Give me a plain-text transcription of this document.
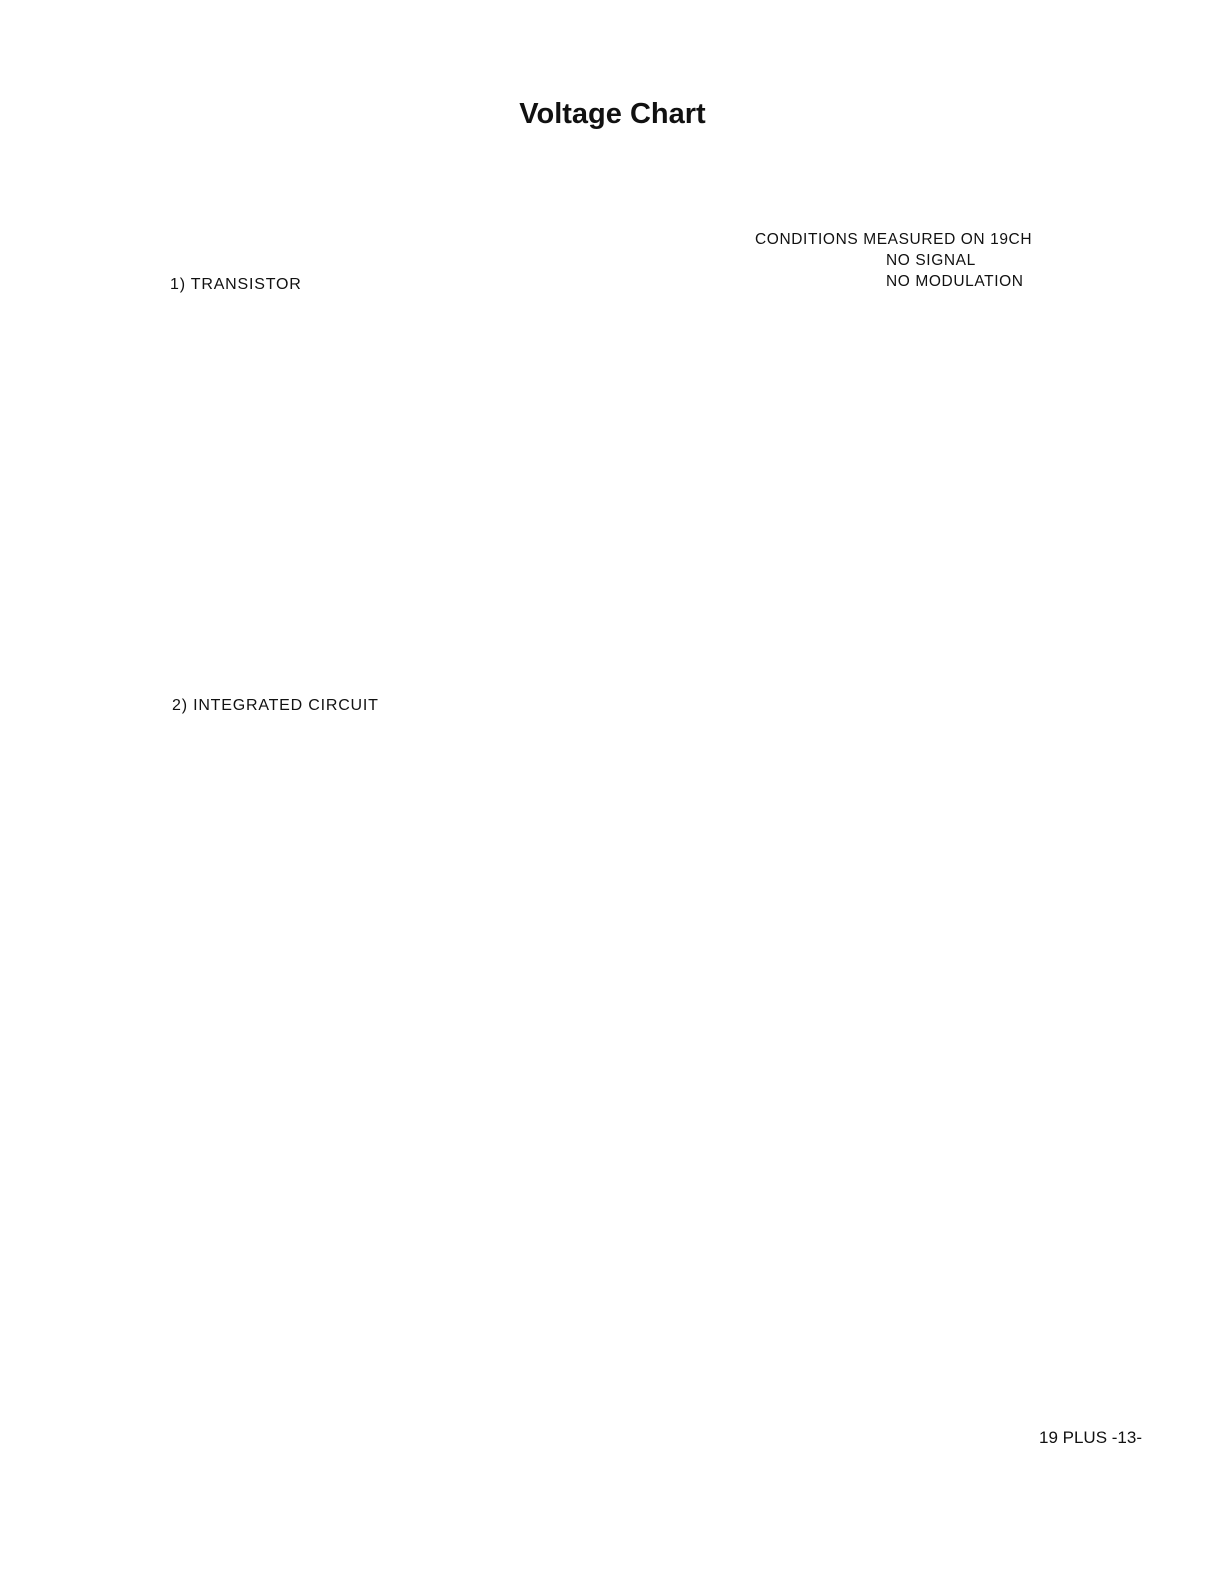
Voltage Chart
CONDITIONS MEASURED ON 19CH
NO SIGNAL
NO MODULATION
1) TRANSISTOR
2) INTEGRATED CIRCUIT
19 PLUS -13-
